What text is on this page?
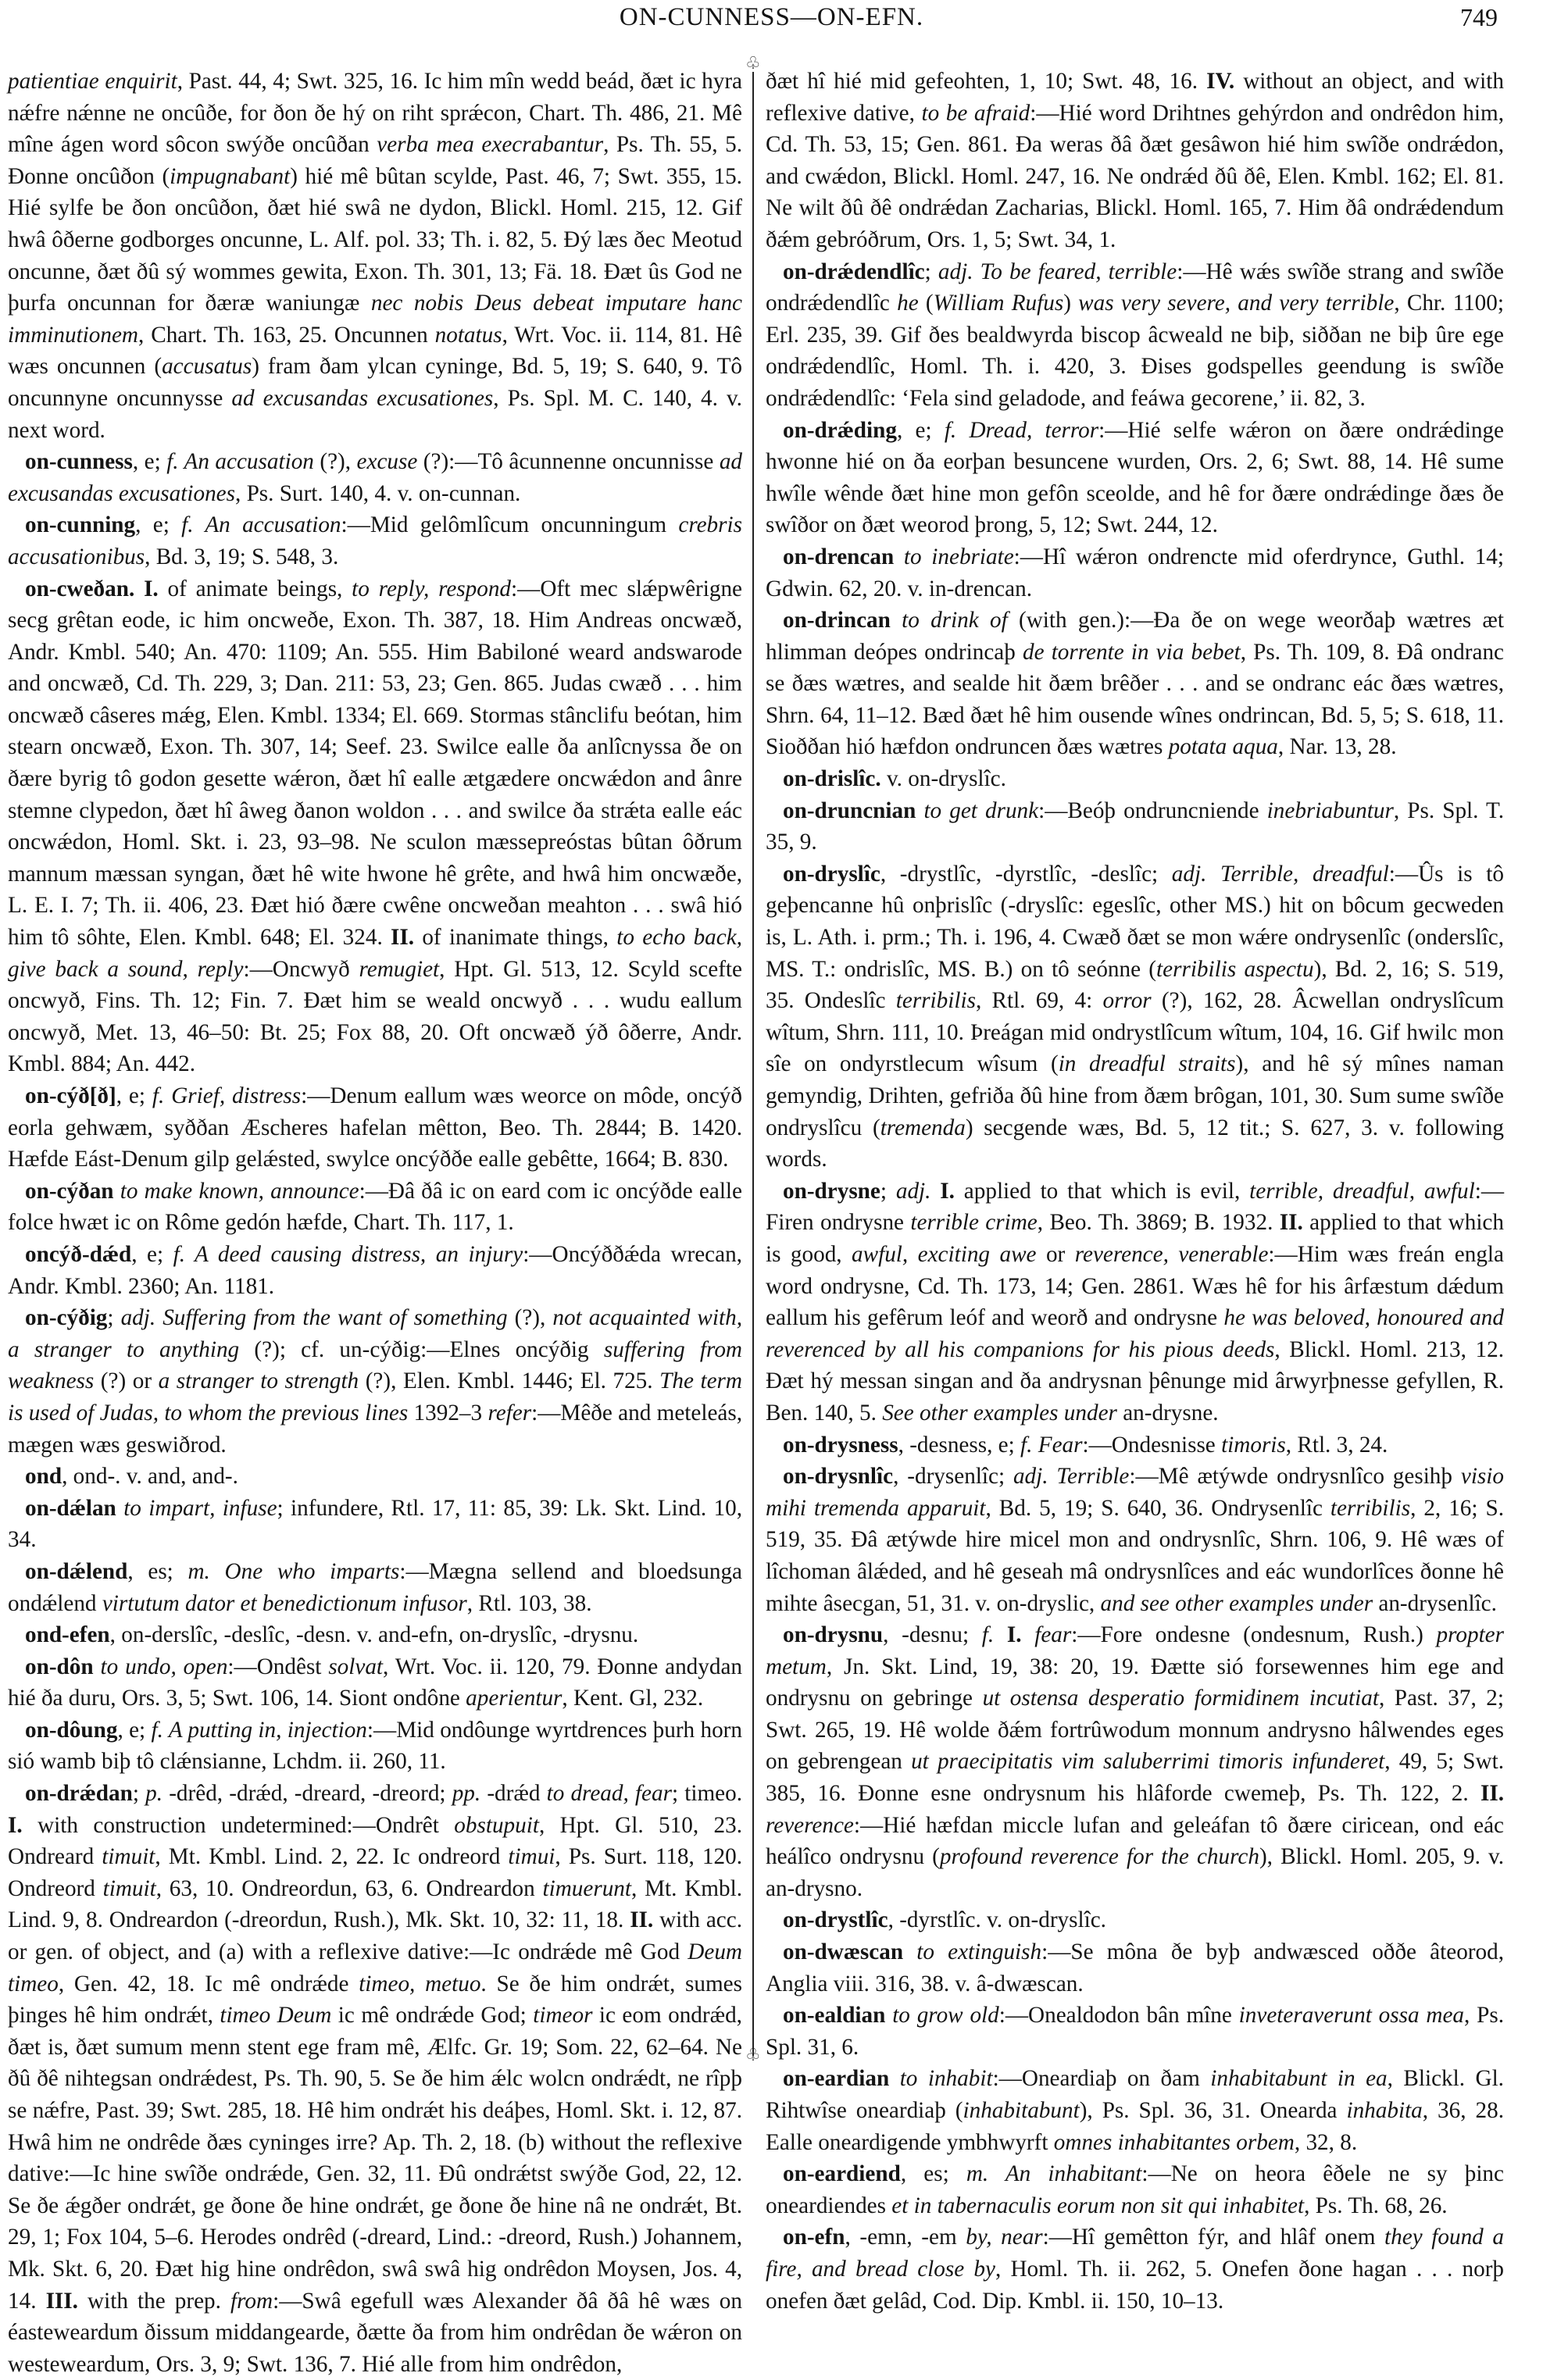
ON-CUNNESS—ON-EFN.	749

patientiae enquirit, Past. 44, 4; Swt. 325, 16. Ic him mîn wedd beád, ðæt ic hyra nǽfre nǽnne ne oncûðe, for ðon ðe hý on riht sprǽcon, Chart. Th. 486, 21. Mê mîne ágen word sôcon swýðe oncûðan verba mea execrabantur, Ps. Th. 55, 5. Ðonne oncûðon (impugnabant) hié mê bûtan scylde, Past. 46, 7; Swt. 355, 15. Hié sylfe be ðon oncûðon, ðæt hié swâ ne dydon, Blickl. Homl. 215, 12. Gif hwâ ôðerne godborges oncunne, L. Alf. pol. 33; Th. i. 82, 5. Ðý læs ðec Meotud oncunne, ðæt ðû sý wommes gewita, Exon. Th. 301, 13; Fä. 18. Ðæt ûs God ne þurfa oncunnan for ðæræ waniungæ nec nobis Deus debeat imputare hanc imminutionem, Chart. Th. 163, 25. Oncunnen notatus, Wrt. Voc. ii. 114, 81. Hê wæs oncunnen (accusatus) fram ðam ylcan cyninge, Bd. 5, 19; S. 640, 9. Tô oncunnyne oncunnysse ad excusandas excusationes, Ps. Spl. M. C. 140, 4. v. next word.

on-cunness, e; f. An accusation (?), excuse (?):—Tô âcunnenne oncunnisse ad excusandas excusationes, Ps. Surt. 140, 4. v. on-cunnan.

on-cunning, e; f. An accusation:—Mid gelômlîcum oncunningum crebris accusationibus, Bd. 3, 19; S. 548, 3.

on-cweðan. I. of animate beings, to reply, respond:—Oft mec slǽpwêrigne secg grêtan eode, ic him oncweðe, Exon. Th. 387, 18. Him Andreas oncwæð, Andr. Kmbl. 540; An. 470: 1109; An. 555. Him Babiloné weard andswarode and oncwæð, Cd. Th. 229, 3; Dan. 211: 53, 23; Gen. 865. Judas cwæð . . . him oncwæð câseres mǽg, Elen. Kmbl. 1334; El. 669. Stormas stânclifu beótan, him stearn oncwæð, Exon. Th. 307, 14; Seef. 23. Swilce ealle ða anlîcnyssa ðe on ðære byrig tô godon gesette wǽron, ðæt hî ealle ætgædere oncwǽdon and ânre stemne clypedon, ðæt hî âweg ðanon woldon . . . and swilce ða strǽta ealle eác oncwǽdon, Homl. Skt. i. 23, 93–98. Ne sculon mæssepreóstas bûtan ôðrum mannum mæssan syngan, ðæt hê wite hwone hê grête, and hwâ him oncwæðe, L. E. I. 7; Th. ii. 406, 23. Ðæt hió ðære cwêne oncweðan meahton . . . swâ hió him tô sôhte, Elen. Kmbl. 648; El. 324. II. of inanimate things, to echo back, give back a sound, reply:—Oncwyð remugiet, Hpt. Gl. 513, 12. Scyld scefte oncwyð, Fins. Th. 12; Fin. 7. Ðæt him se weald oncwyð . . . wudu eallum oncwyð, Met. 13, 46–50: Bt. 25; Fox 88, 20. Oft oncwæð ýð ôðerre, Andr. Kmbl. 884; An. 442.

on-cýð[ð], e; f. Grief, distress:—Denum eallum wæs weorce on môde, oncýð eorla gehwæm, syððan Æscheres hafelan mêtton, Beo. Th. 2844; B. 1420. Hæfde Eást-Denum gilp gelǽsted, swylce oncýððe ealle gebêtte, 1664; B. 830.

on-cýðan to make known, announce:—Ðâ ðâ ic on eard com ic oncýðde ealle folce hwæt ic on Rôme gedón hæfde, Chart. Th. 117, 1.

oncýð-dǽd, e; f. A deed causing distress, an injury:—Oncýððǽda wrecan, Andr. Kmbl. 2360; An. 1181.

on-cýðig; adj. Suffering from the want of something (?), not acquainted with, a stranger to anything (?); cf. un-cýðig:—Elnes oncýðig suffering from weakness (?) or a stranger to strength (?), Elen. Kmbl. 1446; El. 725. The term is used of Judas, to whom the previous lines 1392–3 refer:—Mêðe and meteleás, mægen wæs geswiðrod.

ond, ond-. v. and, and-.

on-dǽlan to impart, infuse; infundere, Rtl. 17, 11: 85, 39: Lk. Skt. Lind. 10, 34.

on-dǽlend, es; m. One who imparts:—Mægna sellend and bloedsunga ondǽlend virtutum dator et benedictionum infusor, Rtl. 103, 38.

ond-efen, on-derslîc, -deslîc, -desn. v. and-efn, on-dryslîc, -drysnu.

on-dôn to undo, open:—Ondêst solvat, Wrt. Voc. ii. 120, 79. Ðonne andydan hié ða duru, Ors. 3, 5; Swt. 106, 14. Siont ondône aperientur, Kent. Gl, 232.

on-dôung, e; f. A putting in, injection:—Mid ondôunge wyrtdrences þurh horn sió wamb biþ tô clǽnsianne, Lchdm. ii. 260, 11.

on-drǽdan; p. -drêd, -drǽd, -dreard, -dreord; pp. -drǽd to dread, fear; timeo. I. with construction undetermined:—Ondrêt obstupuit, Hpt. Gl. 510, 23. Ondreard timuit, Mt. Kmbl. Lind. 2, 22. Ic ondreord timui, Ps. Surt. 118, 120. Ondreord timuit, 63, 10. Ondreordun, 63, 6. Ondreardon timuerunt, Mt. Kmbl. Lind. 9, 8. Ondreardon (-dreordun, Rush.), Mk. Skt. 10, 32: 11, 18. II. with acc. or gen. of object, and (a) with a reflexive dative:—Ic ondrǽde mê God Deum timeo, Gen. 42, 18. Ic mê ondrǽde timeo, metuo. Se ðe him ondrǽt, sumes þinges hê him ondrǽt, timeo Deum ic mê ondrǽde God; timeor ic eom ondrǽd, ðæt is, ðæt sumum menn stent ege fram mê, Ælfc. Gr. 19; Som. 22, 62–64. Ne ðû ðê nihtegsan ondrǽdest, Ps. Th. 90, 5. Se ðe him ǽlc wolcn ondrǽdt, ne rîpþ se nǽfre, Past. 39; Swt. 285, 18. Hê him ondrǽt his deáþes, Homl. Skt. i. 12, 87. Hwâ him ne ondrêde ðæs cyninges irre? Ap. Th. 2, 18. (b) without the reflexive dative:—Ic hine swîðe ondrǽde, Gen. 32, 11. Ðû ondrǽtst swýðe God, 22, 12. Se ðe ǽgðer ondrǽt, ge ðone ðe hine ondrǽt, ge ðone ðe hine nâ ne ondrǽt, Bt. 29, 1; Fox 104, 5–6. Herodes ondrêd (-dreard, Lind.: -dreord, Rush.) Johannem, Mk. Skt. 6, 20. Ðæt hig hine ondrêdon, swâ swâ hig ondrêdon Moysen, Jos. 4, 14. III. with the prep. from:—Swâ egefull wæs Alexander ðâ ðâ hê wæs on éasteweardum ðissum middangearde, ðætte ða from him ondrêdan ðe wǽron on westeweardum, Ors. 3, 9; Swt. 136, 7. Hié alle from him ondrêdon,

♧
♧

ðæt hî hié mid gefeohten, 1, 10; Swt. 48, 16. IV. without an object, and with reflexive dative, to be afraid:—Hié word Drihtnes gehýrdon and ondrêdon him, Cd. Th. 53, 15; Gen. 861. Ða weras ðâ ðæt gesâwon hié him swîðe ondrǽdon, and cwǽdon, Blickl. Homl. 247, 16. Ne ondrǽd ðû ðê, Elen. Kmbl. 162; El. 81. Ne wilt ðû ðê ondrǽdan Zacharias, Blickl. Homl. 165, 7. Him ðâ ondrǽdendum ðǽm gebróðrum, Ors. 1, 5; Swt. 34, 1.

on-drǽdendlîc; adj. To be feared, terrible:—Hê wǽs swîðe strang and swîðe ondrǽdendlîc he (William Rufus) was very severe, and very terrible, Chr. 1100; Erl. 235, 39. Gif ðes bealdwyrda biscop âcweald ne biþ, siððan ne biþ ûre ege ondrǽdendlîc, Homl. Th. i. 420, 3. Ðises godspelles geendung is swîðe ondrǽdendlîc: ‘Fela sind geladode, and feáwa gecorene,’ ii. 82, 3.

on-drǽding, e; f. Dread, terror:—Hié selfe wǽron on ðære ondrǽdinge hwonne hié on ða eorþan besuncene wurden, Ors. 2, 6; Swt. 88, 14. Hê sume hwîle wênde ðæt hine mon gefôn sceolde, and hê for ðære ondrǽdinge ðæs ðe swîðor on ðæt weorod þrong, 5, 12; Swt. 244, 12.

on-drencan to inebriate:—Hî wǽron ondrencte mid oferdrynce, Guthl. 14; Gdwin. 62, 20. v. in-drencan.

on-drincan to drink of (with gen.):—Ða ðe on wege weorðaþ wætres æt hlimman deópes ondrincaþ de torrente in via bebet, Ps. Th. 109, 8. Ðâ ondranc se ðæs wætres, and sealde hit ðæm brêðer . . . and se ondranc eác ðæs wætres, Shrn. 64, 11–12. Bæd ðæt hê him ousende wînes ondrincan, Bd. 5, 5; S. 618, 11. Sioððan hió hæfdon ondruncen ðæs wætres potata aqua, Nar. 13, 28.

on-drislîc. v. on-dryslîc.

on-druncnian to get drunk:—Beóþ ondruncniende inebriabuntur, Ps. Spl. T. 35, 9.

on-dryslîc, -drystlîc, -dyrstlîc, -deslîc; adj. Terrible, dreadful:—Ûs is tô geþencanne hû onþrislîc (-dryslîc: egeslîc, other MS.) hit on bôcum gecweden is, L. Ath. i. prm.; Th. i. 196, 4. Cwæð ðæt se mon wǽre ondrysenlîc (onderslîc, MS. T.: ondrislîc, MS. B.) on tô seónne (terribilis aspectu), Bd. 2, 16; S. 519, 35. Ondeslîc terribilis, Rtl. 69, 4: orror (?), 162, 28. Âcwellan ondryslîcum wîtum, Shrn. 111, 10. Þreágan mid ondrystlîcum wîtum, 104, 16. Gif hwilc mon sîe on ondyrstlecum wîsum (in dreadful straits), and hê sý mînes naman gemyndig, Drihten, gefriða ðû hine from ðæm brôgan, 101, 30. Sum sume swîðe ondryslîcu (tremenda) secgende wæs, Bd. 5, 12 tit.; S. 627, 3. v. following words.

on-drysne; adj. I. applied to that which is evil, terrible, dreadful, awful:—Firen ondrysne terrible crime, Beo. Th. 3869; B. 1932. II. applied to that which is good, awful, exciting awe or reverence, venerable:—Him wæs freán engla word ondrysne, Cd. Th. 173, 14; Gen. 2861. Wæs hê for his ârfæstum dǽdum eallum his gefêrum leóf and weorð and ondrysne he was beloved, honoured and reverenced by all his companions for his pious deeds, Blickl. Homl. 213, 12. Ðæt hý messan singan and ða andrysnan þênunge mid ârwyrþnesse gefyllen, R. Ben. 140, 5. See other examples under an-drysne.

on-drysness, -desness, e; f. Fear:—Ondesnisse timoris, Rtl. 3, 24.

on-drysnlîc, -drysenlîc; adj. Terrible:—Mê ætýwde ondrysnlîco gesihþ visio mihi tremenda apparuit, Bd. 5, 19; S. 640, 36. Ondrysenlîc terribilis, 2, 16; S. 519, 35. Ðâ ætýwde hire micel mon and ondrysnlîc, Shrn. 106, 9. Hê wæs of lîchoman âlǽded, and hê geseah mâ ondrysnlîces and eác wundorlîces ðonne hê mihte âsecgan, 51, 31. v. on-dryslic, and see other examples under an-drysenlîc.

on-drysnu, -desnu; f. I. fear:—Fore ondesne (ondesnum, Rush.) propter metum, Jn. Skt. Lind, 19, 38: 20, 19. Ðætte sió forsewennes him ege and ondrysnu on gebringe ut ostensa desperatio formidinem incutiat, Past. 37, 2; Swt. 265, 19. Hê wolde ðǽm fortrûwodum monnum andrysno hâlwendes eges on gebrengean ut praecipitatis vim saluberrimi timoris infunderet, 49, 5; Swt. 385, 16. Ðonne esne ondrysnum his hlâforde cwemeþ, Ps. Th. 122, 2. II. reverence:—Hié hæfdan miccle lufan and geleáfan tô ðære ciricean, ond eác heálîco ondrysnu (profound reverence for the church), Blickl. Homl. 205, 9. v. an-drysno.

on-drystlîc, -dyrstlîc. v. on-dryslîc.

on-dwæscan to extinguish:—Se môna ðe byþ andwæsced oððe âteorod, Anglia viii. 316, 38. v. â-dwæscan.

on-ealdian to grow old:—Onealdodon bân mîne inveteraverunt ossa mea, Ps. Spl. 31, 6.

on-eardian to inhabit:—Oneardiaþ on ðam inhabitabunt in ea, Blickl. Gl. Rihtwîse oneardiaþ (inhabitabunt), Ps. Spl. 36, 31. Onearda inhabita, 36, 28. Ealle oneardigende ymbhwyrft omnes inhabitantes orbem, 32, 8.

on-eardiend, es; m. An inhabitant:—Ne on heora êðele ne sy þinc oneardiendes et in tabernaculis eorum non sit qui inhabitet, Ps. Th. 68, 26.

on-efn, -emn, -em by, near:—Hî gemêtton fýr, and hlâf onem they found a fire, and bread close by, Homl. Th. ii. 262, 5. Onefen ðone hagan . . . norþ onefen ðæt gelâd, Cod. Dip. Kmbl. ii. 150, 10–13.
